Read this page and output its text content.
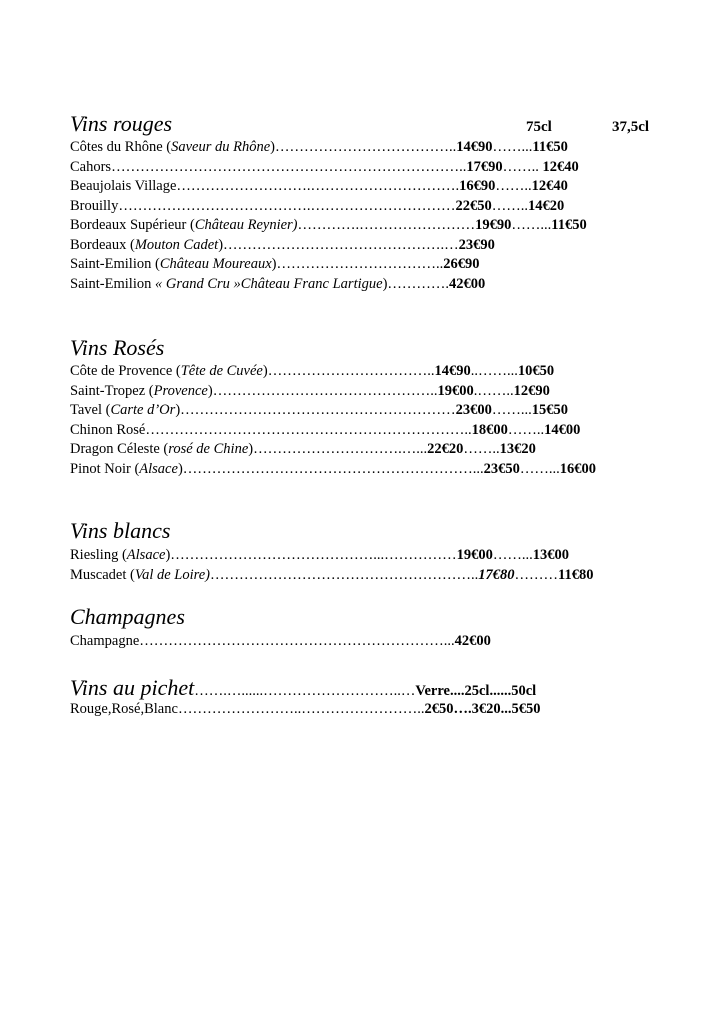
Vins rouges	75cl	37,5cl
Côtes du Rhône (Saveur du Rhône)………………………………..14€90……...11€50
Cahors………………………………………………………………..17€90…….. 12€40
Beaujolais Village……………………….………………………….16€90……..12€40
Brouilly………………………………….…………………………22€50……..14€20
Bordeaux Supérieur (Château Reynier)………….……………………19€90……...11€50
Bordeaux (Mouton Cadet)……………………………………….…23€90
Saint-Emilion (Château Moureaux)……………………………..26€90
Saint-Emilion « Grand Cru »Château Franc Lartigue)………….42€00
Vins Rosés
Côte de Provence (Tête de Cuvée)……………………………..14€90..……...10€50
Saint-Tropez (Provence)………………………………………..19€00.……..12€90
Tavel (Carte d’Or)…………………………………………………23€00……...15€50
Chinon Rosé…………………………………………………………..18€00……..14€00
Dragon Céleste (rosé de Chine)………………………….…...22€20……..13€20
Pinot Noir (Alsace)……………………………………………………...23€50……...16€00
Vins blancs
Riesling (Alsace)……………………………………...……………19€00……...13€00
Muscadet (Val de Loire)………………………………………………..17€80………11€80
Champagnes
Champagne………………………………………………………...42€00
Vins au pichet…….…......………………………..…Verre....25cl......50cl
Rouge,Rosé,Blanc……………………..……………………..2€50….3€20...5€50
